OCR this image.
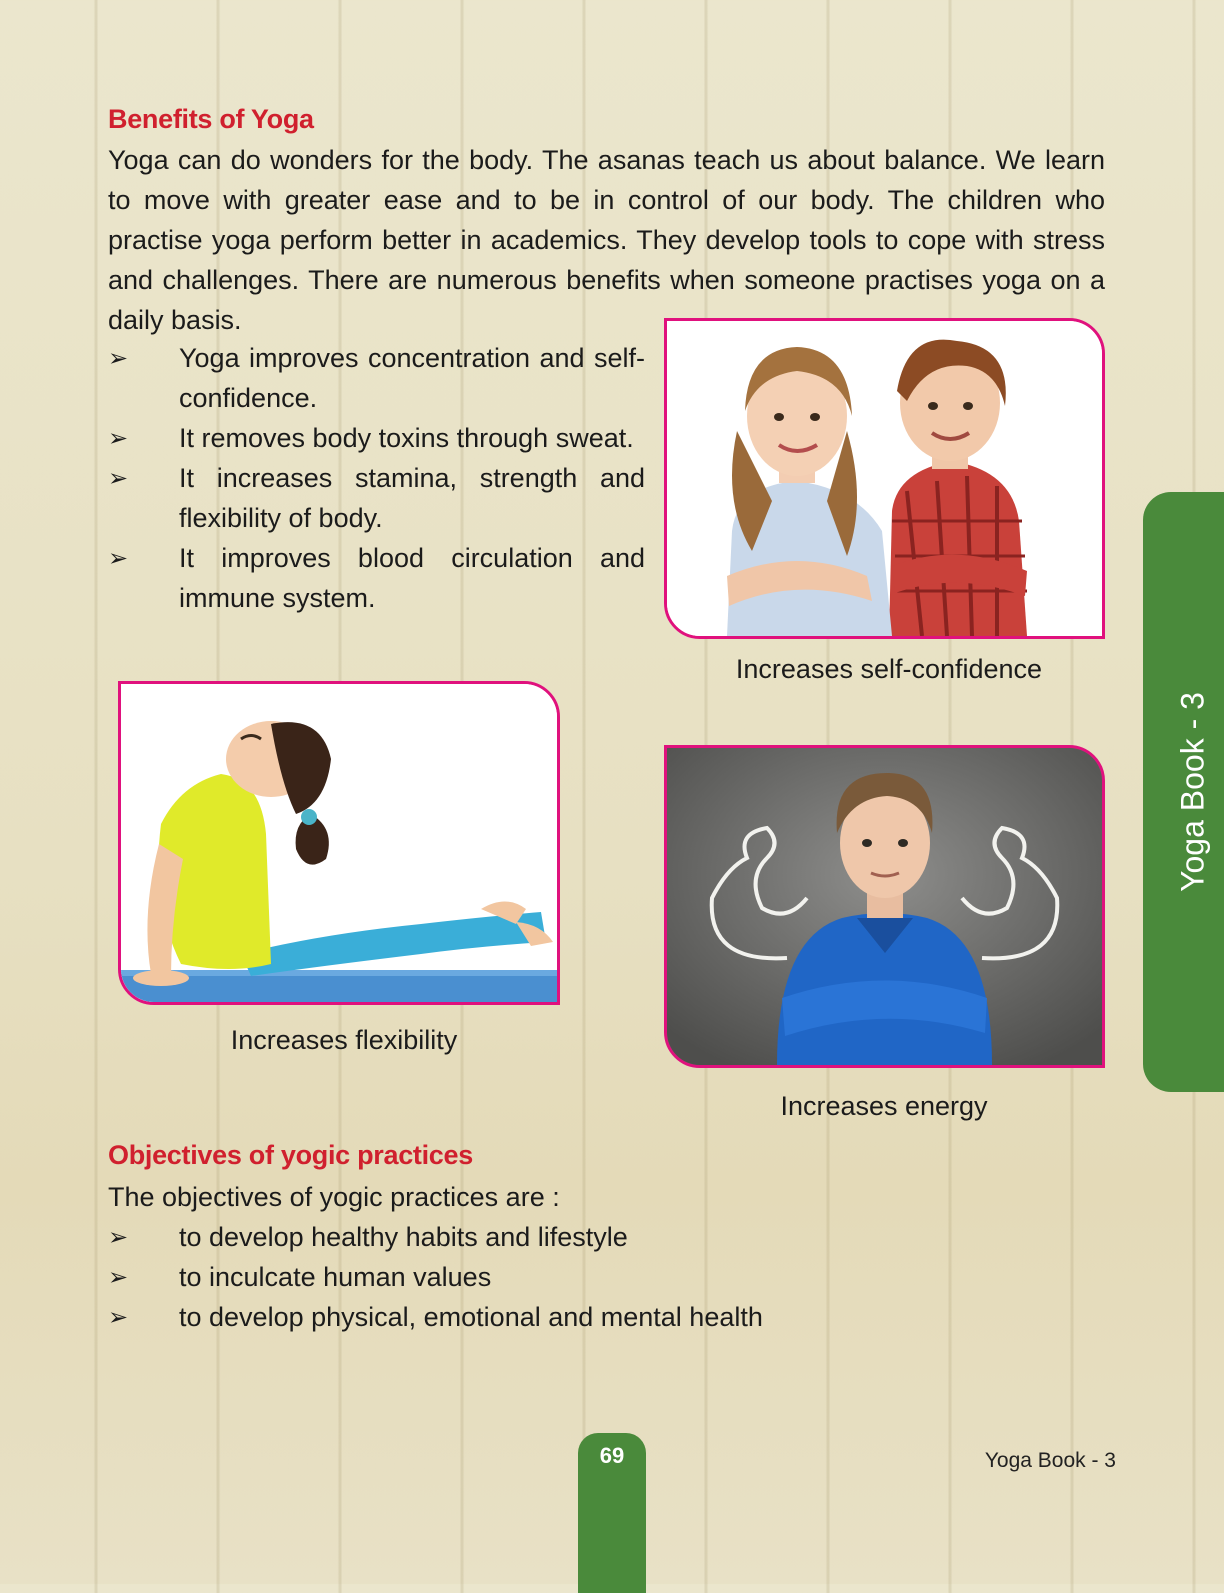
Benefits of Yoga

Yoga can do wonders for the body. The asanas teach us about balance. We learn to move with greater ease and to be in control of our body. The children who practise yoga perform better in academics. They develop tools to cope with stress and challenges. There are numerous benefits when someone practises yoga on a daily basis.

➢ Yoga improves concentration and self-confidence.
➢ It removes body toxins through sweat.
➢ It increases stamina, strength and flexibility of body.
➢ It improves blood circulation and immune system.
Increases self-confidence
Increases flexibility
Increases energy
Objectives of yogic practices

The objectives of yogic practices are :

➢ to develop healthy habits and lifestyle
➢ to inculcate human values
➢ to develop physical, emotional and mental health
Yoga Book - 3
69	Yoga Book - 3
